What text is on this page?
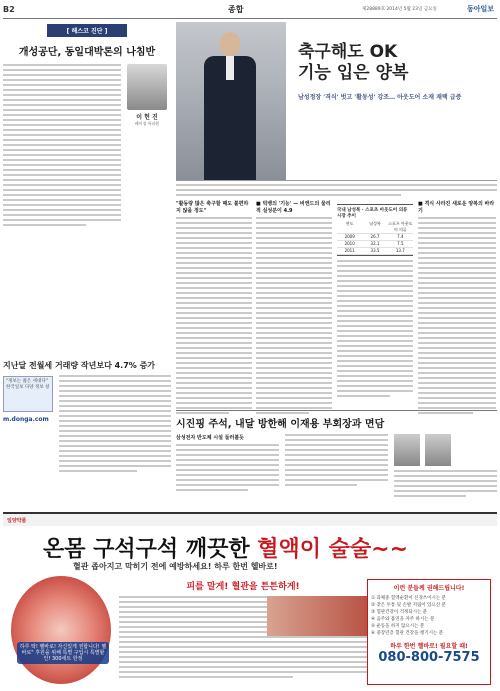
B2	종합	제28889호 2014년 5월 23일 금요일	동아일보
[ 헤스코 진단 ]
개성공단, 동일대박론의 나침반
이 헌 진
베이징 특파원
지난달 전월세 거래량 작년보다 4.7% 증가
"정보는 젊은 세대다" 한국일보 다양 정보 창
m.donga.com
축구해도 OK
기능 입은 양복
남성정장 '격식' 벗고 '활동성' 강조… 아웃도어 소재 재택 급증
"활동량 많은 축구할 때도 불편하지 않을 정도"
■ 빅뱅의 '기능' — 비엔드의 물리적 실성분이 4.9	국내 남성복 · 스포츠 아웃도어 의류 시장 추이
연도	남성복	스포츠 아웃도어 의류
2009	26.7	7.4
2010	32.1	7.5
2011	33.5	13.7
■ 격식 사라진 새로운 양복의 바라기
시진핑 주석, 내달 방한해 이재용 부회장과 면담
삼성전자 반도체 시설 둘러볼듯
일양약품
온몸 구석구석 깨끗한 혈액이 술술~~
혈관 좁아지고 막히기 전에 예방하세요! 하루 한번 헬바로!
하루 딱! 헬바로! 자신있게 권합니다! 헬바로" 후원을 위해 특별 구입시 특별할인! 300세트 한정
피를 말게! 혈관을 튼튼하게!	이런 분들께 권해드립니다!
① 과체중 혈액순환이 신경쓰이시는 분
② 잦은 두통 및 손발 저림이 있으신 분
③ 혈관건강이 걱정되시는 분
④ 음주와 흡연을 자주 하시는 분
⑤ 운동을 하지 않으시는 분
⑥ 중장년층 혈관 건강을 챙기시는 분
하루 한번 헬바로! 필요할 때!
080-800-7575
